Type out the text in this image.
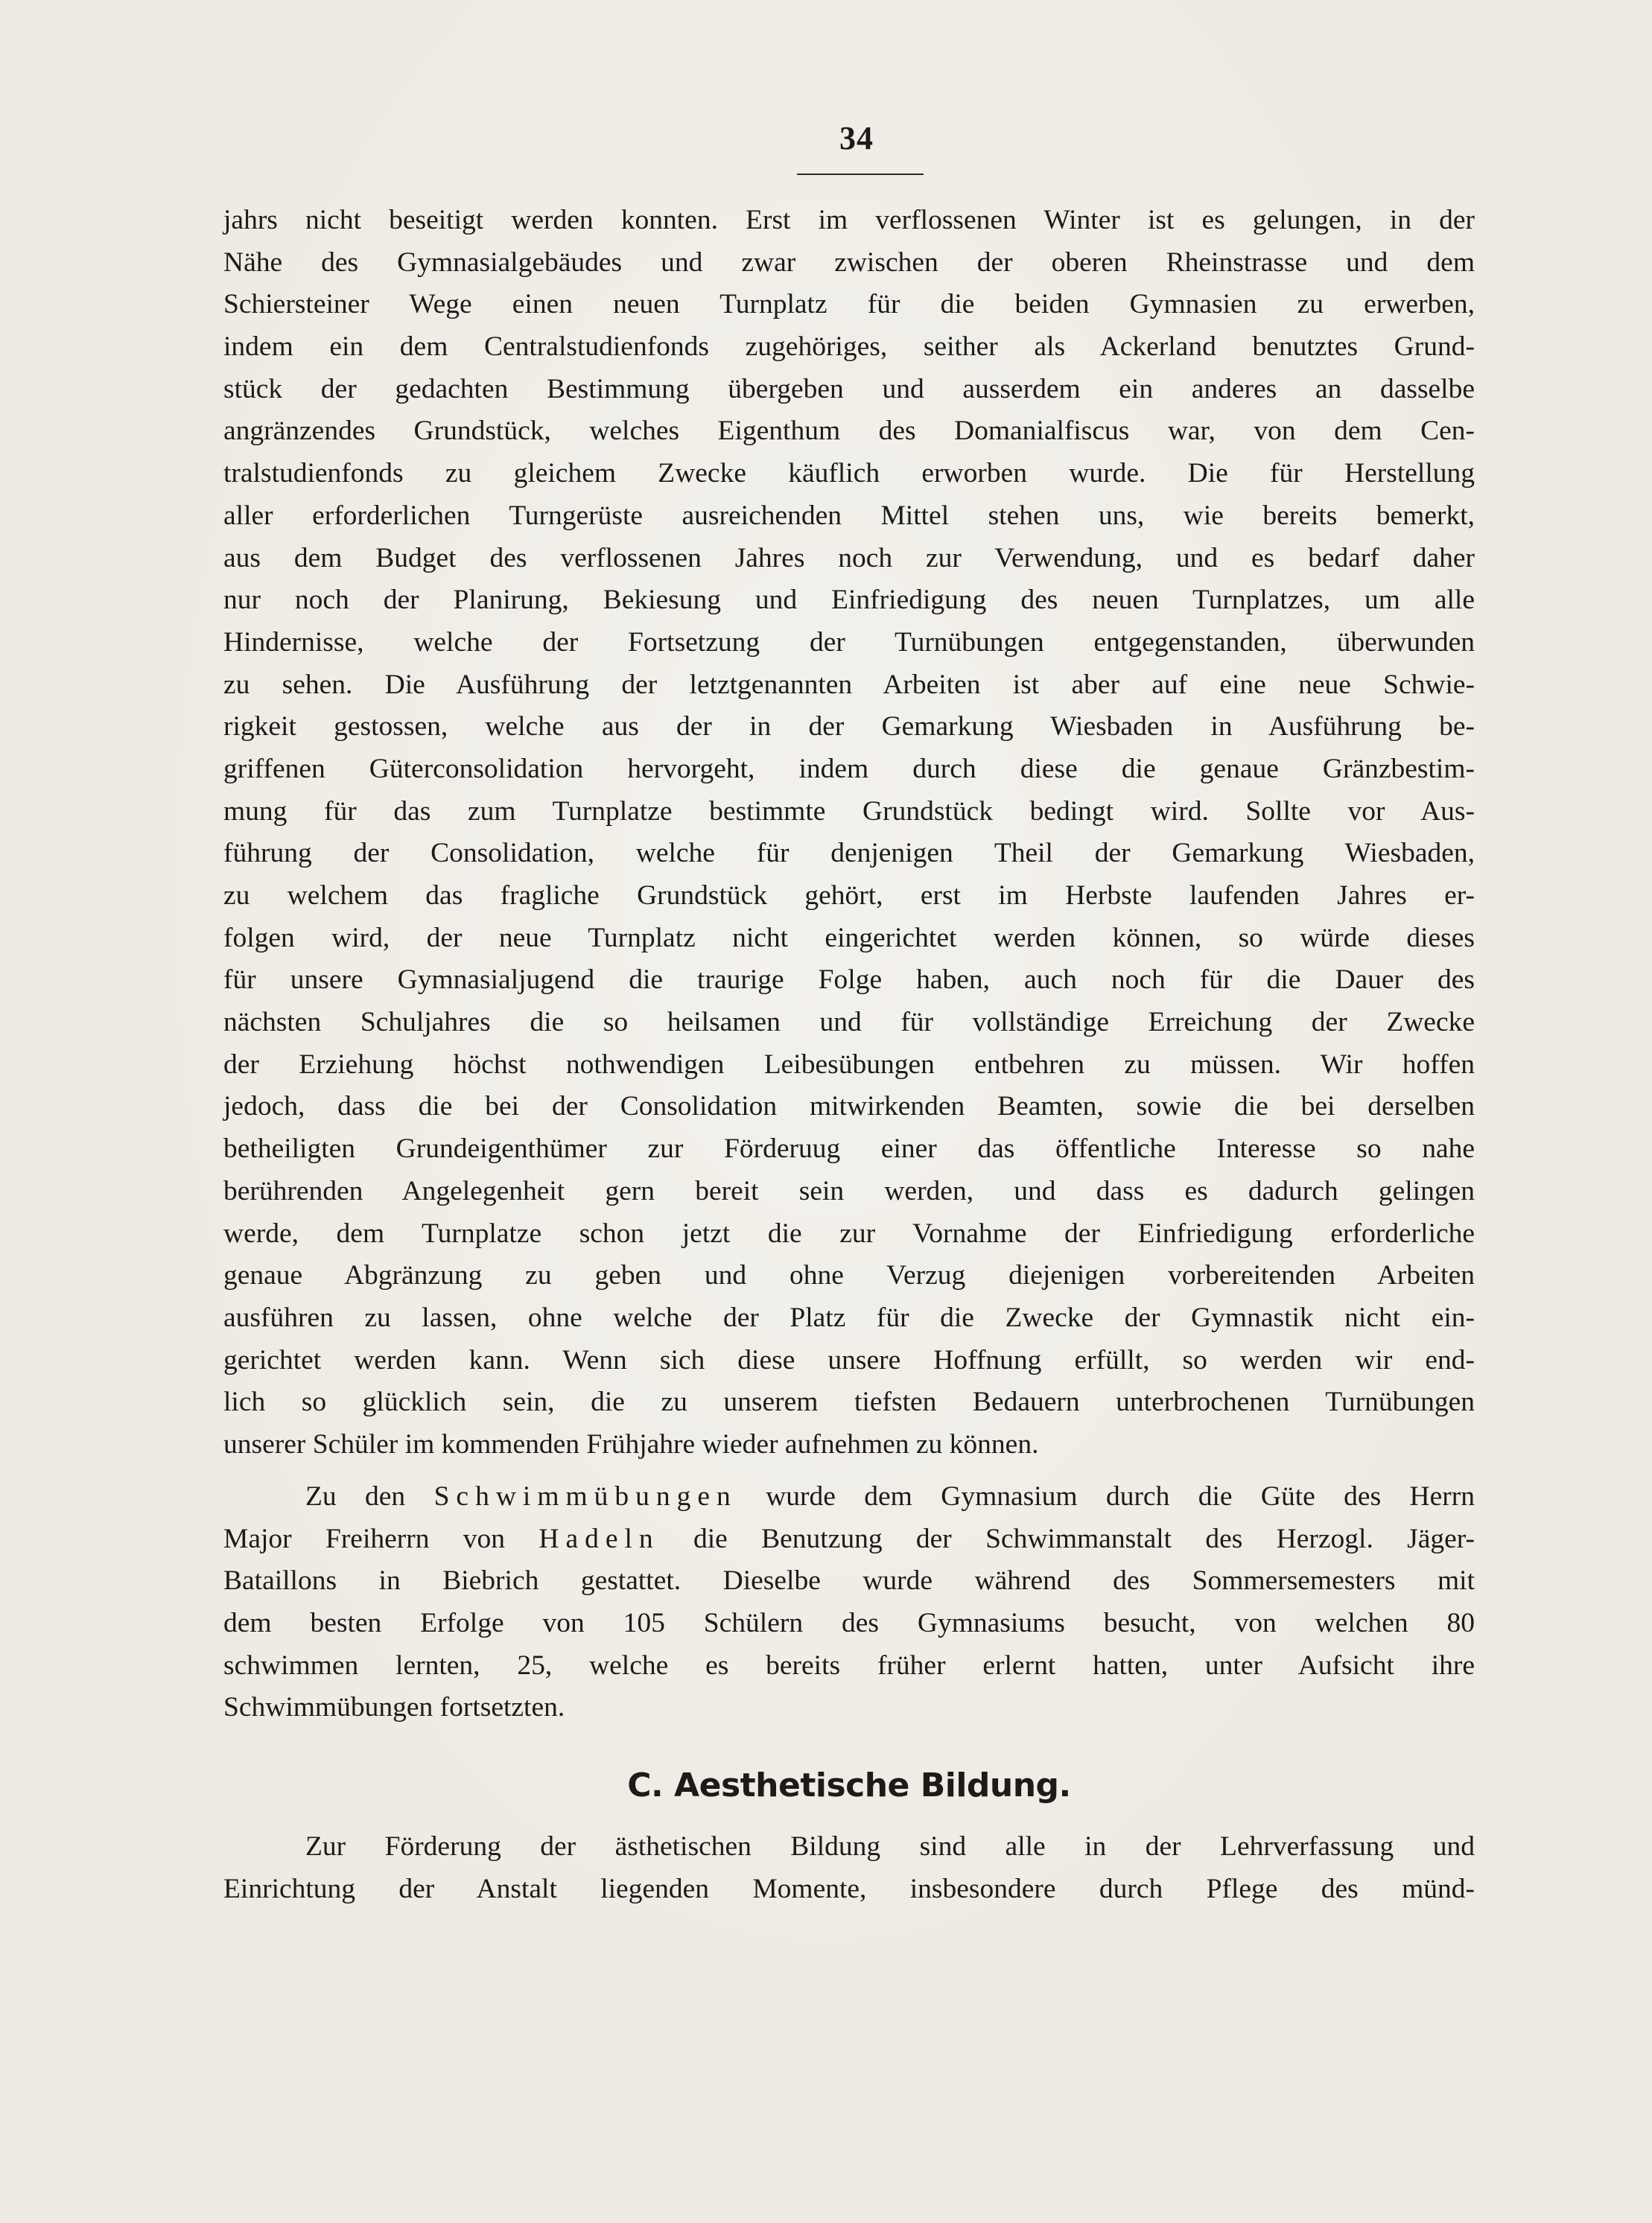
34
jahrs nicht beseitigt werden konnten. Erst im verflossenen Winter ist es gelungen, in der
Nähe des Gymnasialgebäudes und zwar zwischen der oberen Rheinstrasse und dem
Schiersteiner Wege einen neuen Turnplatz für die beiden Gymnasien zu erwerben,
indem ein dem Centralstudienfonds zugehöriges, seither als Ackerland benutztes Grund-
stück der gedachten Bestimmung übergeben und ausserdem ein anderes an dasselbe
angränzendes Grundstück, welches Eigenthum des Domanialfiscus war, von dem Cen-
tralstudienfonds zu gleichem Zwecke käuflich erworben wurde. Die für Herstellung
aller erforderlichen Turngerüste ausreichenden Mittel stehen uns, wie bereits bemerkt,
aus dem Budget des verflossenen Jahres noch zur Verwendung, und es bedarf daher
nur noch der Planirung, Bekiesung und Einfriedigung des neuen Turnplatzes, um alle
Hindernisse, welche der Fortsetzung der Turnübungen entgegenstanden, überwunden
zu sehen. Die Ausführung der letztgenannten Arbeiten ist aber auf eine neue Schwie-
rigkeit gestossen, welche aus der in der Gemarkung Wiesbaden in Ausführung be-
griffenen Güterconsolidation hervorgeht, indem durch diese die genaue Gränzbestim-
mung für das zum Turnplatze bestimmte Grundstück bedingt wird. Sollte vor Aus-
führung der Consolidation, welche für denjenigen Theil der Gemarkung Wiesbaden,
zu welchem das fragliche Grundstück gehört, erst im Herbste laufenden Jahres er-
folgen wird, der neue Turnplatz nicht eingerichtet werden können, so würde dieses
für unsere Gymnasialjugend die traurige Folge haben, auch noch für die Dauer des
nächsten Schuljahres die so heilsamen und für vollständige Erreichung der Zwecke
der Erziehung höchst nothwendigen Leibesübungen entbehren zu müssen. Wir hoffen
jedoch, dass die bei der Consolidation mitwirkenden Beamten, sowie die bei derselben
betheiligten Grundeigenthümer zur Förderuug einer das öffentliche Interesse so nahe
berührenden Angelegenheit gern bereit sein werden, und dass es dadurch gelingen
werde, dem Turnplatze schon jetzt die zur Vornahme der Einfriedigung erforderliche
genaue Abgränzung zu geben und ohne Verzug diejenigen vorbereitenden Arbeiten
ausführen zu lassen, ohne welche der Platz für die Zwecke der Gymnastik nicht ein-
gerichtet werden kann. Wenn sich diese unsere Hoffnung erfüllt, so werden wir end-
lich so glücklich sein, die zu unserem tiefsten Bedauern unterbrochenen Turnübungen
unserer Schüler im kommenden Frühjahre wieder aufnehmen zu können.
Zu den Schwimmübungen wurde dem Gymnasium durch die Güte des Herrn
Major Freiherrn von Hadeln die Benutzung der Schwimmanstalt des Herzogl. Jäger-
Bataillons in Biebrich gestattet. Dieselbe wurde während des Sommersemesters mit
dem besten Erfolge von 105 Schülern des Gymnasiums besucht, von welchen 80
schwimmen lernten, 25, welche es bereits früher erlernt hatten, unter Aufsicht ihre
Schwimmübungen fortsetzten.
C. Aesthetische Bildung.
Zur Förderung der ästhetischen Bildung sind alle in der Lehrverfassung und
Einrichtung der Anstalt liegenden Momente, insbesondere durch Pflege des münd-
